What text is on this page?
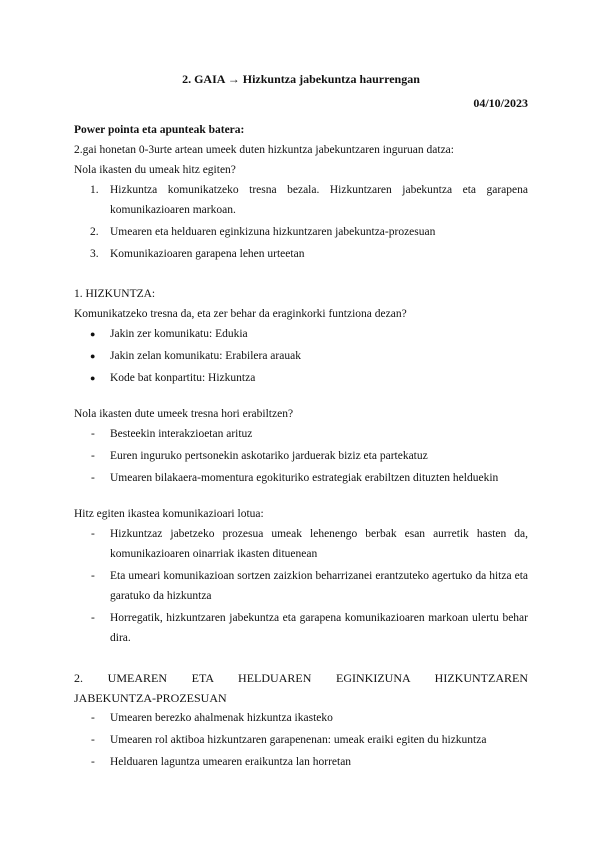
2. GAIA → Hizkuntza jabekuntza haurrengan
04/10/2023
Power pointa eta apunteak batera:
2.gai honetan 0-3urte artean umeek duten hizkuntza jabekuntzaren inguruan datza:
Nola ikasten du umeak hitz egiten?
1. Hizkuntza komunikatzeko tresna bezala. Hizkuntzaren jabekuntza eta garapena komunikazioaren markoan.
2. Umearen eta helduaren eginkizuna hizkuntzaren jabekuntza-prozesuan
3. Komunikazioaren garapena lehen urteetan
1. HIZKUNTZA:
Komunikatzeko tresna da, eta zer behar da eraginkorki funtziona dezan?
● Jakin zer komunikatu: Edukia
● Jakin zelan komunikatu: Erabilera arauak
● Kode bat konpartitu: Hizkuntza
Nola ikasten dute umeek tresna hori erabiltzen?
- Besteekin interakzioetan arituz
- Euren inguruko pertsonekin askotariko jarduerak biziz eta partekatuz
- Umearen bilakaera-momentura egokituriko estrategiak erabiltzen dituzten helduekin
Hitz egiten ikastea komunikazioari lotua:
- Hizkuntzaz jabetzeko prozesua umeak lehenengo berbak esan aurretik hasten da, komunikazioaren oinarriak ikasten dituenean
- Eta umeari komunikazioan sortzen zaizkion beharrizanei erantzuteko agertuko da hitza eta garatuko da hizkuntza
- Horregatik, hizkuntzaren jabekuntza eta garapena komunikazioaren markoan ulertu behar dira.
2. UMEAREN ETA HELDUAREN EGINKIZUNA HIZKUNTZAREN
JABEKUNTZA-PROZESUAN
- Umearen berezko ahalmenak hizkuntza ikasteko
- Umearen rol aktiboa hizkuntzaren garapenenan: umeak eraiki egiten du hizkuntza
- Helduaren laguntza umearen eraikuntza lan horretan
